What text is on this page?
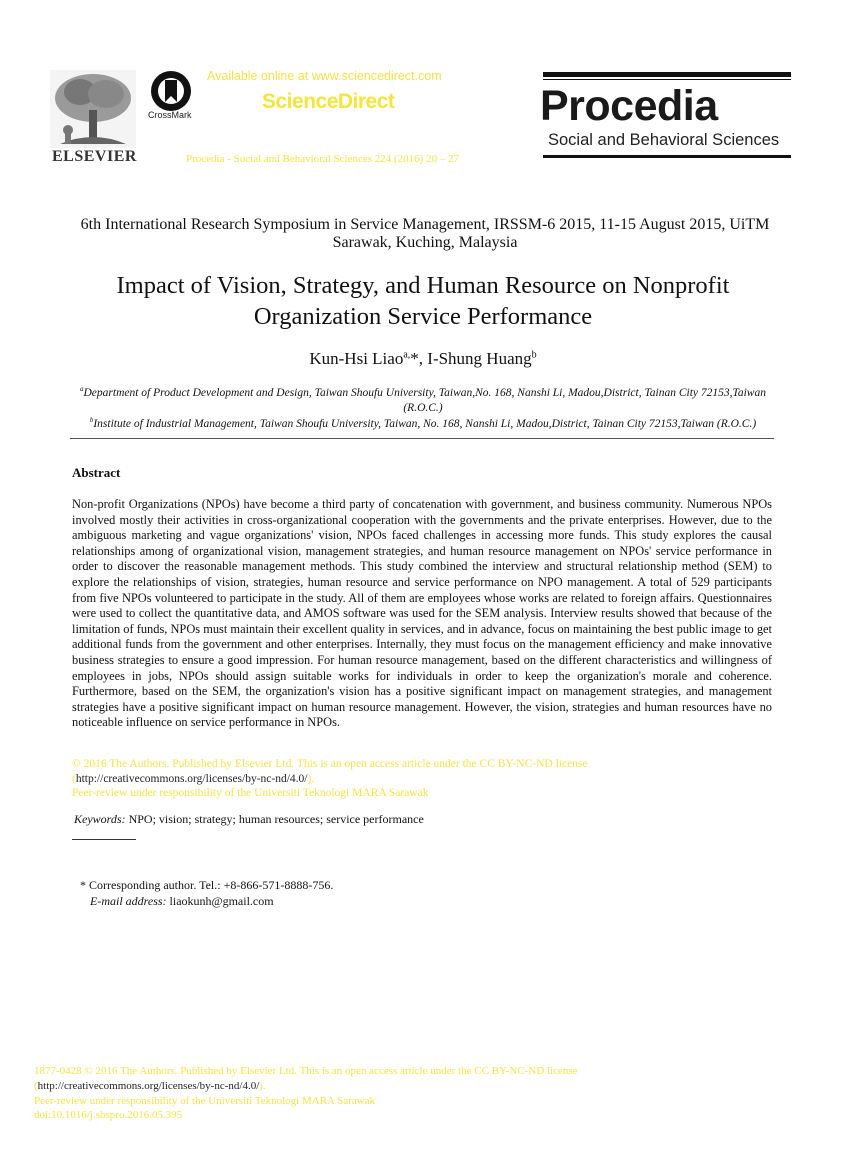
ELSEVIER
CrossMark
Available online at www.sciencedirect.com
ScienceDirect
Procedia - Social and Behavioral Sciences 224 (2016) 20 – 27
Procedia
Social and Behavioral Sciences
6th International Research Symposium in Service Management, IRSSM-6 2015, 11-15 August 2015, UiTM Sarawak, Kuching, Malaysia
Impact of Vision, Strategy, and Human Resource on Nonprofit
Organization Service Performance
Kun-Hsi Liao$^{a,}$*, I-Shung Huang$^b$
$^a$Department of Product Development and Design, Taiwan Shoufu University, Taiwan,No. 168, Nanshi Li, Madou,District, Tainan City 72153,Taiwan (R.O.C.)
$^b$Institute of Industrial Management, Taiwan Shoufu University, Taiwan, No. 168, Nanshi Li, Madou,District, Tainan City 72153,Taiwan (R.O.C.)
Abstract
Non-profit Organizations (NPOs) have become a third party of concatenation with government, and business community. Numerous NPOs involved mostly their activities in cross-organizational cooperation with the governments and the private enterprises. However, due to the ambiguous marketing and vague organizations' vision, NPOs faced challenges in accessing more funds. This study explores the causal relationships among of organizational vision, management strategies, and human resource management on NPOs' service performance in order to discover the reasonable management methods. This study combined the interview and structural relationship method (SEM) to explore the relationships of vision, strategies, human resource and service performance on NPO management. A total of 529 participants from five NPOs volunteered to participate in the study. All of them are employees whose works are related to foreign affairs. Questionnaires were used to collect the quantitative data, and AMOS software was used for the SEM analysis. Interview results showed that because of the limitation of funds, NPOs must maintain their excellent quality in services, and in advance, focus on maintaining the best public image to get additional funds from the government and other enterprises. Internally, they must focus on the management efficiency and make innovative business strategies to ensure a good impression. For human resource management, based on the different characteristics and willingness of employees in jobs, NPOs should assign suitable works for individuals in order to keep the organization's morale and coherence. Furthermore, based on the SEM, the organization's vision has a positive significant impact on management strategies, and management strategies have a positive significant impact on human resource management. However, the vision, strategies and human resources have no noticeable influence on service performance in NPOs.
© 2016 The Authors. Published by Elsevier Ltd. This is an open access article under the CC BY-NC-ND license
(http://creativecommons.org/licenses/by-nc-nd/4.0/).
Peer-review under responsibility of the Universiti Teknologi MARA Sarawak
Keywords: NPO; vision; strategy; human resources; service performance
* Corresponding author. Tel.: +8-866-571-8888-756.
E-mail address: liaokunh@gmail.com
1877-0428 © 2016 The Authors. Published by Elsevier Ltd. This is an open access article under the CC BY-NC-ND license
(http://creativecommons.org/licenses/by-nc-nd/4.0/).
Peer-review under responsibility of the Universiti Teknologi MARA Sarawak
doi:10.1016/j.sbspro.2016.05.395
